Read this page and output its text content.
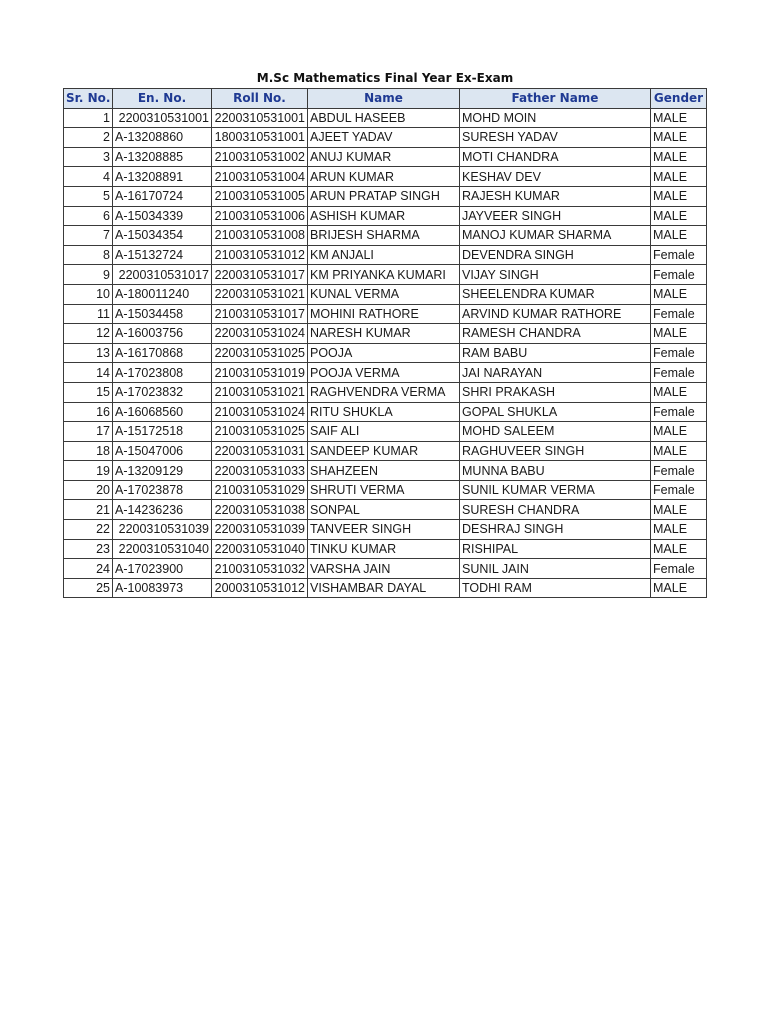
M.Sc Mathematics Final Year Ex-Exam
Sr. No.	En. No.	Roll No.	Name	Father Name	Gender
1	2200310531001	2200310531001	ABDUL HASEEB	MOHD MOIN	MALE
2	A-13208860	1800310531001	AJEET YADAV	SURESH YADAV	MALE
3	A-13208885	2100310531002	ANUJ KUMAR	MOTI CHANDRA	MALE
4	A-13208891	2100310531004	ARUN KUMAR	KESHAV DEV	MALE
5	A-16170724	2100310531005	ARUN PRATAP SINGH	RAJESH KUMAR	MALE
6	A-15034339	2100310531006	ASHISH KUMAR	JAYVEER SINGH	MALE
7	A-15034354	2100310531008	BRIJESH SHARMA	MANOJ KUMAR SHARMA	MALE
8	A-15132724	2100310531012	KM ANJALI	DEVENDRA SINGH	Female
9	2200310531017	2200310531017	KM PRIYANKA KUMARI	VIJAY SINGH	Female
10	A-180011240	2200310531021	KUNAL VERMA	SHEELENDRA KUMAR	MALE
11	A-15034458	2100310531017	MOHINI RATHORE	ARVIND KUMAR RATHORE	Female
12	A-16003756	2200310531024	NARESH KUMAR	RAMESH CHANDRA	MALE
13	A-16170868	2200310531025	POOJA	RAM BABU	Female
14	A-17023808	2100310531019	POOJA VERMA	JAI NARAYAN	Female
15	A-17023832	2100310531021	RAGHVENDRA VERMA	SHRI PRAKASH	MALE
16	A-16068560	2100310531024	RITU SHUKLA	GOPAL SHUKLA	Female
17	A-15172518	2100310531025	SAIF ALI	MOHD SALEEM	MALE
18	A-15047006	2200310531031	SANDEEP KUMAR	RAGHUVEER SINGH	MALE
19	A-13209129	2200310531033	SHAHZEEN	MUNNA BABU	Female
20	A-17023878	2100310531029	SHRUTI VERMA	SUNIL KUMAR VERMA	Female
21	A-14236236	2200310531038	SONPAL	SURESH CHANDRA	MALE
22	2200310531039	2200310531039	TANVEER SINGH	DESHRAJ SINGH	MALE
23	2200310531040	2200310531040	TINKU KUMAR	RISHIPAL	MALE
24	A-17023900	2100310531032	VARSHA JAIN	SUNIL JAIN	Female
25	A-10083973	2000310531012	VISHAMBAR DAYAL	TODHI RAM	MALE
